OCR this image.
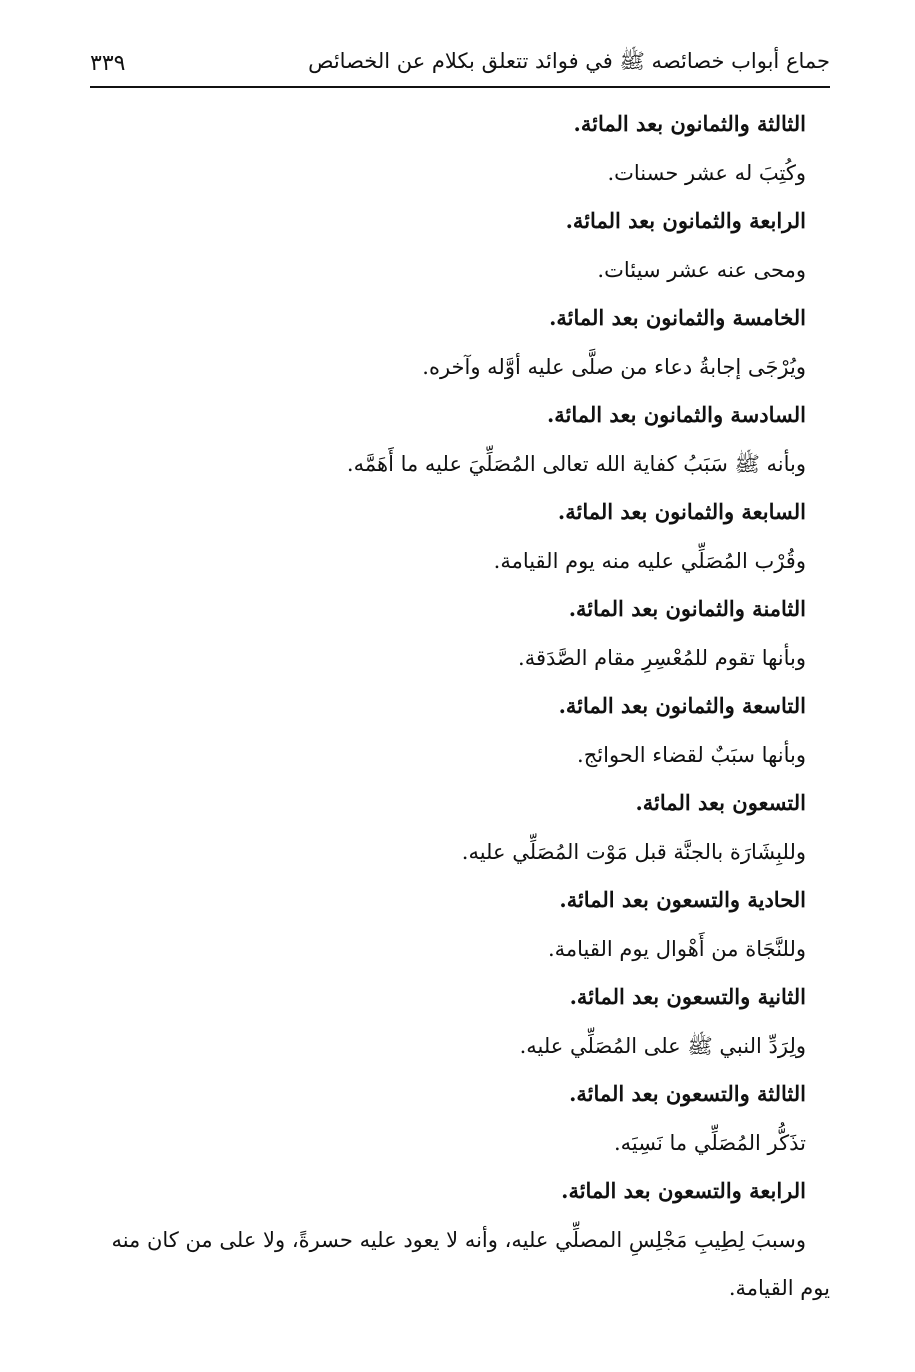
جماع أبواب خصائصه ﷺ في فوائد تتعلق بكلام عن الخصائص
٣٣٩
الثالثة والثمانون بعد المائة.
وكُتِبَ له عشر حسنات.
الرابعة والثمانون بعد المائة.
ومحى عنه عشر سيئات.
الخامسة والثمانون بعد المائة.
ويُرْجَى إجابةُ دعاء من صلَّى عليه أوَّله وآخره.
السادسة والثمانون بعد المائة.
وبأنه ﷺ سَبَبُ كفاية الله تعالى المُصَلِّيَ عليه ما أَهَمَّه.
السابعة والثمانون بعد المائة.
وقُرْب المُصَلِّي عليه منه يوم القيامة.
الثامنة والثمانون بعد المائة.
وبأنها تقوم للمُعْسِرِ مقام الصَّدَقة.
التاسعة والثمانون بعد المائة.
وبأنها سبَبٌ لقضاء الحوائج.
التسعون بعد المائة.
وللبِشَارَة بالجنَّة قبل مَوْت المُصَلِّي عليه.
الحادية والتسعون بعد المائة.
وللنَّجَاة من أَهْوال يوم القيامة.
الثانية والتسعون بعد المائة.
ولِرَدِّ النبي ﷺ على المُصَلِّي عليه.
الثالثة والتسعون بعد المائة.
تذَكُّر المُصَلِّي ما نَسِيَه.
الرابعة والتسعون بعد المائة.
وسببَ لِطِيبِ مَجْلِسِ المصلِّي عليه، وأنه لا يعود عليه حسرةً، ولا على من كان منه
يوم القيامة.
